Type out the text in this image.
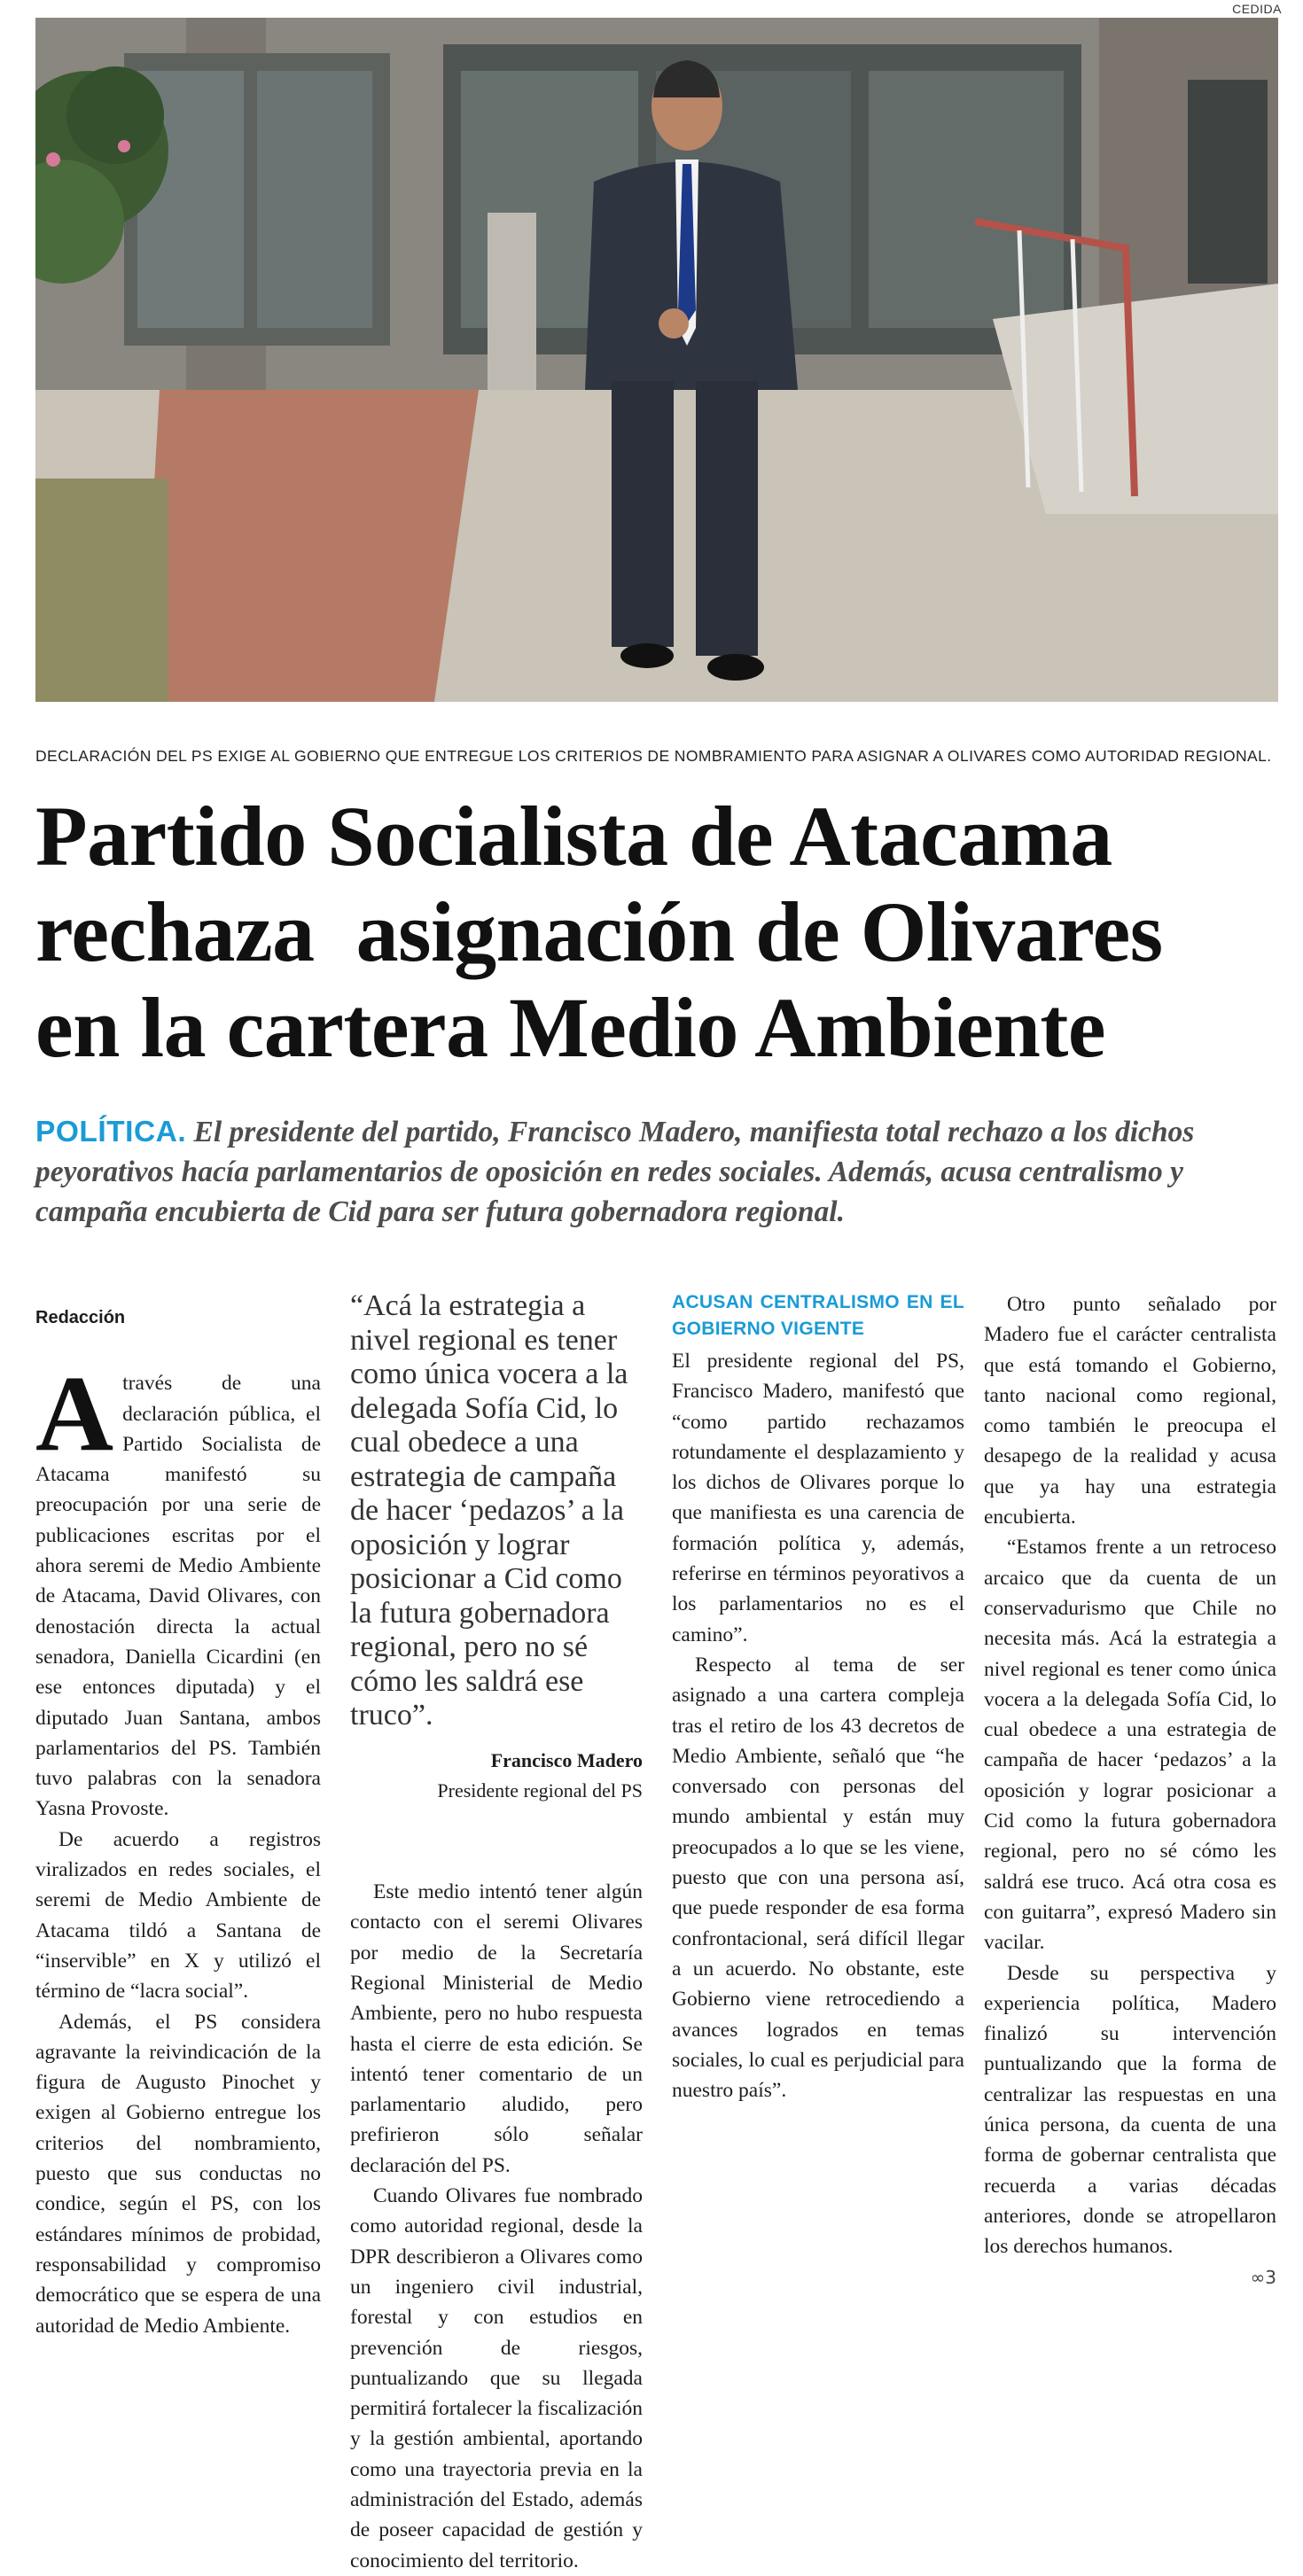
CEDIDA
DECLARACIÓN DEL PS EXIGE AL GOBIERNO QUE ENTREGUE LOS CRITERIOS DE NOMBRAMIENTO PARA ASIGNAR A OLIVARES COMO AUTORIDAD REGIONAL.
Partido Socialista de Atacama
rechaza  asignación de Olivares
en la cartera Medio Ambiente
POLÍTICA. El presidente del partido, Francisco Madero, manifiesta total rechazo a los dichos peyorativos hacía parlamentarios de oposición en redes sociales. Además, acusa centralismo y campaña encubierta de Cid para ser futura gobernadora regional.
Redacción

Através de una declaración pública, el Partido Socialista de Atacama manifestó su preocupación por una serie de publicaciones escritas por el ahora seremi de Medio Ambiente de Atacama, David Olivares, con denostación directa la actual senadora, Daniella Cicardini (en ese entonces diputada) y el diputado Juan Santana, ambos parlamentarios del PS. También tuvo palabras con la senadora Yasna Provoste.

De acuerdo a registros viralizados en redes sociales, el seremi de Medio Ambiente de Atacama tildó a Santana de “inservible” en X y utilizó el término de “lacra social”.

Además, el PS considera agravante la reivindicación de la figura de Augusto Pinochet y exigen al Gobierno entregue los criterios del nombramiento, puesto que sus conductas no condice, según el PS, con los estándares mínimos de probidad, responsabilidad y compromiso democrático que se espera de una autoridad de Medio Ambiente.

“Acá la estrategia a nivel regional es tener como única vocera a la delegada Sofía Cid, lo cual obedece a una estrategia de campaña de hacer ‘pedazos’ a la oposición y lograr posicionar a Cid como la futura gobernadora regional, pero no sé cómo les saldrá ese truco”.
Francisco Madero
Presidente regional del PS

Este medio intentó tener algún contacto con el seremi Olivares por medio de la Secretaría Regional Ministerial de Medio Ambiente, pero no hubo respuesta hasta el cierre de esta edición. Se intentó tener comentario de un parlamentario aludido, pero prefirieron sólo señalar declaración del PS.

Cuando Olivares fue nombrado como autoridad regional, desde la DPR describieron a Olivares como un ingeniero civil industrial, forestal y con estudios en prevención de riesgos, puntualizando que su llegada permitirá fortalecer la fiscalización y la gestión ambiental, aportando como una trayectoria previa en la administración del Estado, además de poseer capacidad de gestión y conocimiento del territorio.

ACUSAN CENTRALISMO EN EL GOBIERNO VIGENTE

El presidente regional del PS, Francisco Madero, manifestó que “como partido rechazamos rotundamente el desplazamiento y los dichos de Olivares porque lo que manifiesta es una carencia de formación política y, además, referirse en términos peyorativos a los parlamentarios no es el camino”.

Respecto al tema de ser asignado a una cartera compleja tras el retiro de los 43 decretos de Medio Ambiente, señaló que “he conversado con personas del mundo ambiental y están muy preocupados a lo que se les viene, puesto que con una persona así, que puede responder de esa forma confrontacional, será difícil llegar a un acuerdo. No obstante, este Gobierno viene retrocediendo a avances logrados en temas sociales, lo cual es perjudicial para nuestro país”.

Otro punto señalado por Madero fue el carácter centralista que está tomando el Gobierno, tanto nacional como regional, como también le preocupa el desapego de la realidad y acusa que ya hay una estrategia encubierta.

“Estamos frente a un retroceso arcaico que da cuenta de un conservadurismo que Chile no necesita más. Acá la estrategia a nivel regional es tener como única vocera a la delegada Sofía Cid, lo cual obedece a una estrategia de campaña de hacer ‘pedazos’ a la oposición y lograr posicionar a Cid como la futura gobernadora regional, pero no sé cómo les saldrá ese truco. Acá otra cosa es con guitarra”, expresó Madero sin vacilar.

Desde su perspectiva y experiencia política, Madero finalizó su intervención puntualizando que la forma de centralizar las respuestas en una única persona, da cuenta de una forma de gobernar centralista que recuerda a varias décadas anteriores, donde se atropellaron los derechos humanos.

∞3
